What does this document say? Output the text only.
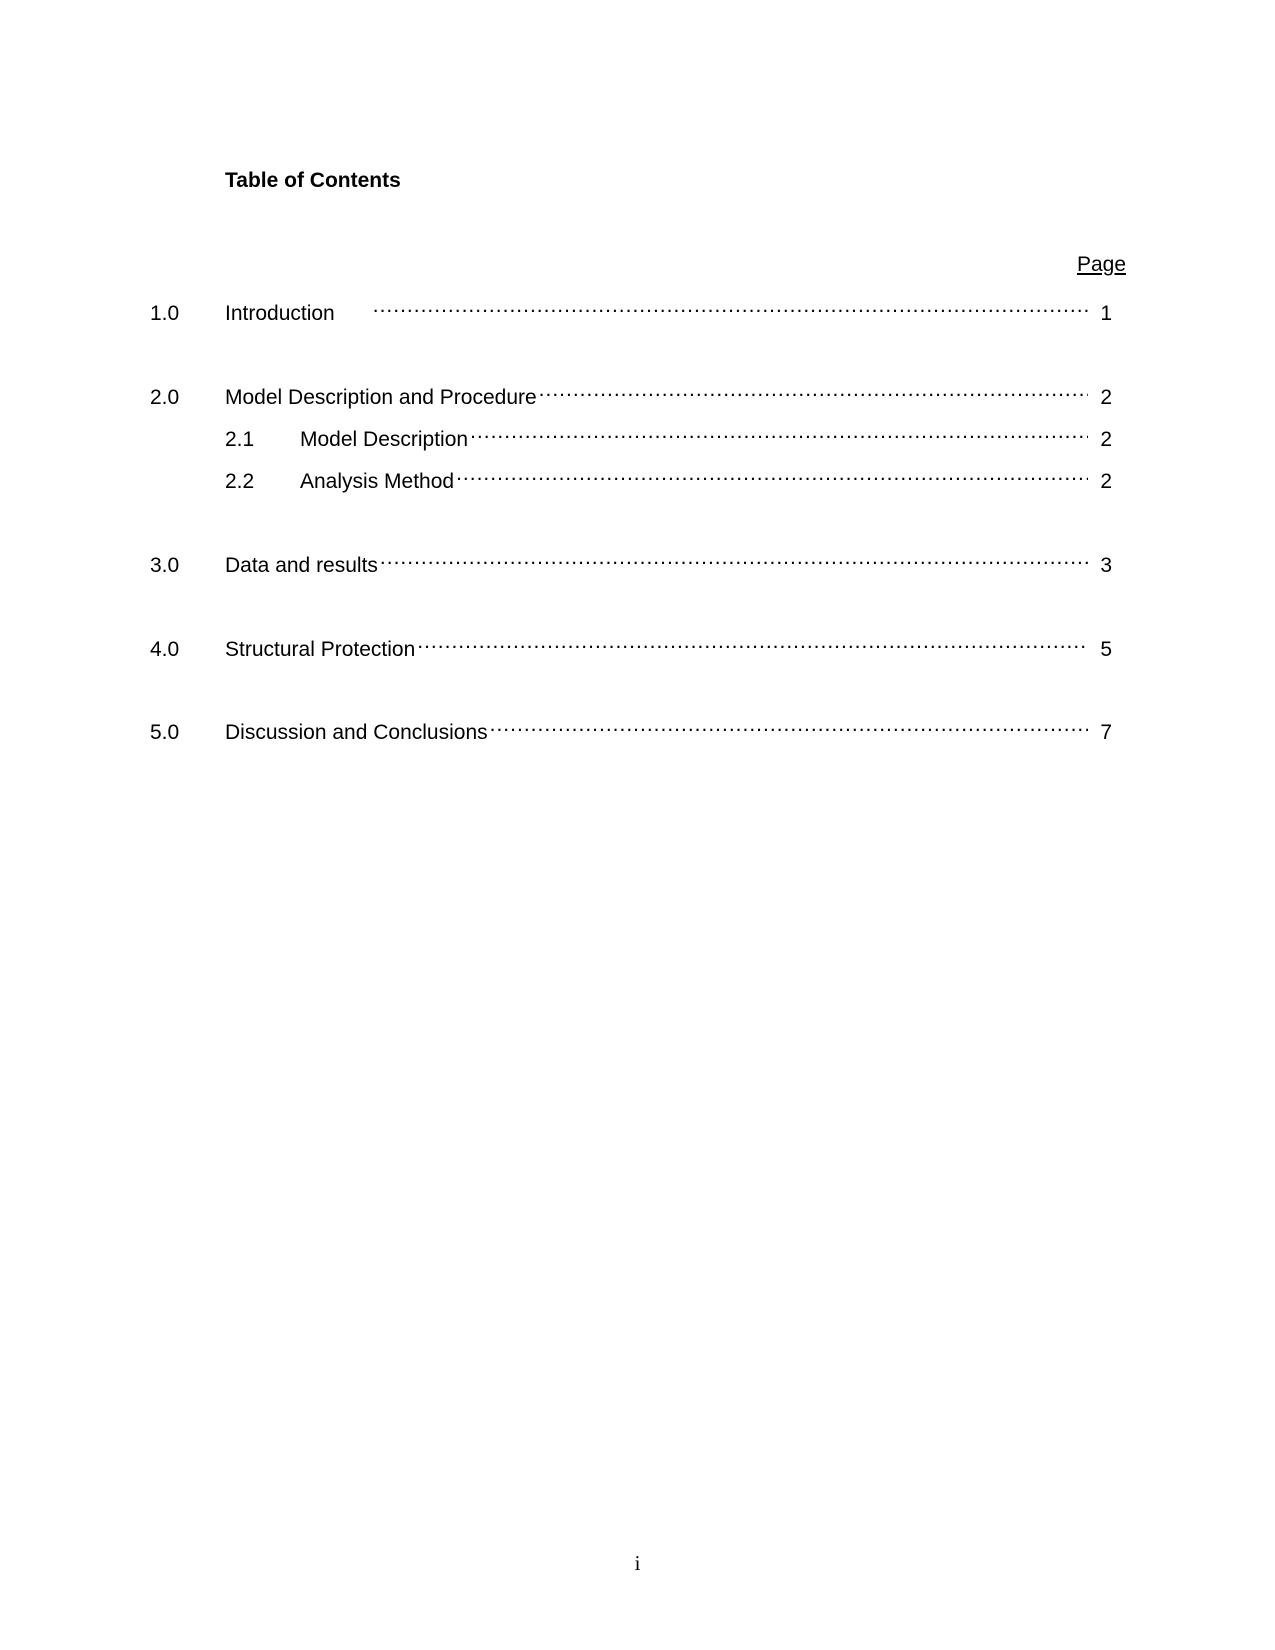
Table of Contents
Page
1.0	Introduction .....	1
2.0	Model Description and Procedure .....	2
2.1	Model Description .....	2
2.2	Analysis Method .....	2
3.0	Data and results .....	3
4.0	Structural Protection .....	5
5.0	Discussion and Conclusions .....	7
i
